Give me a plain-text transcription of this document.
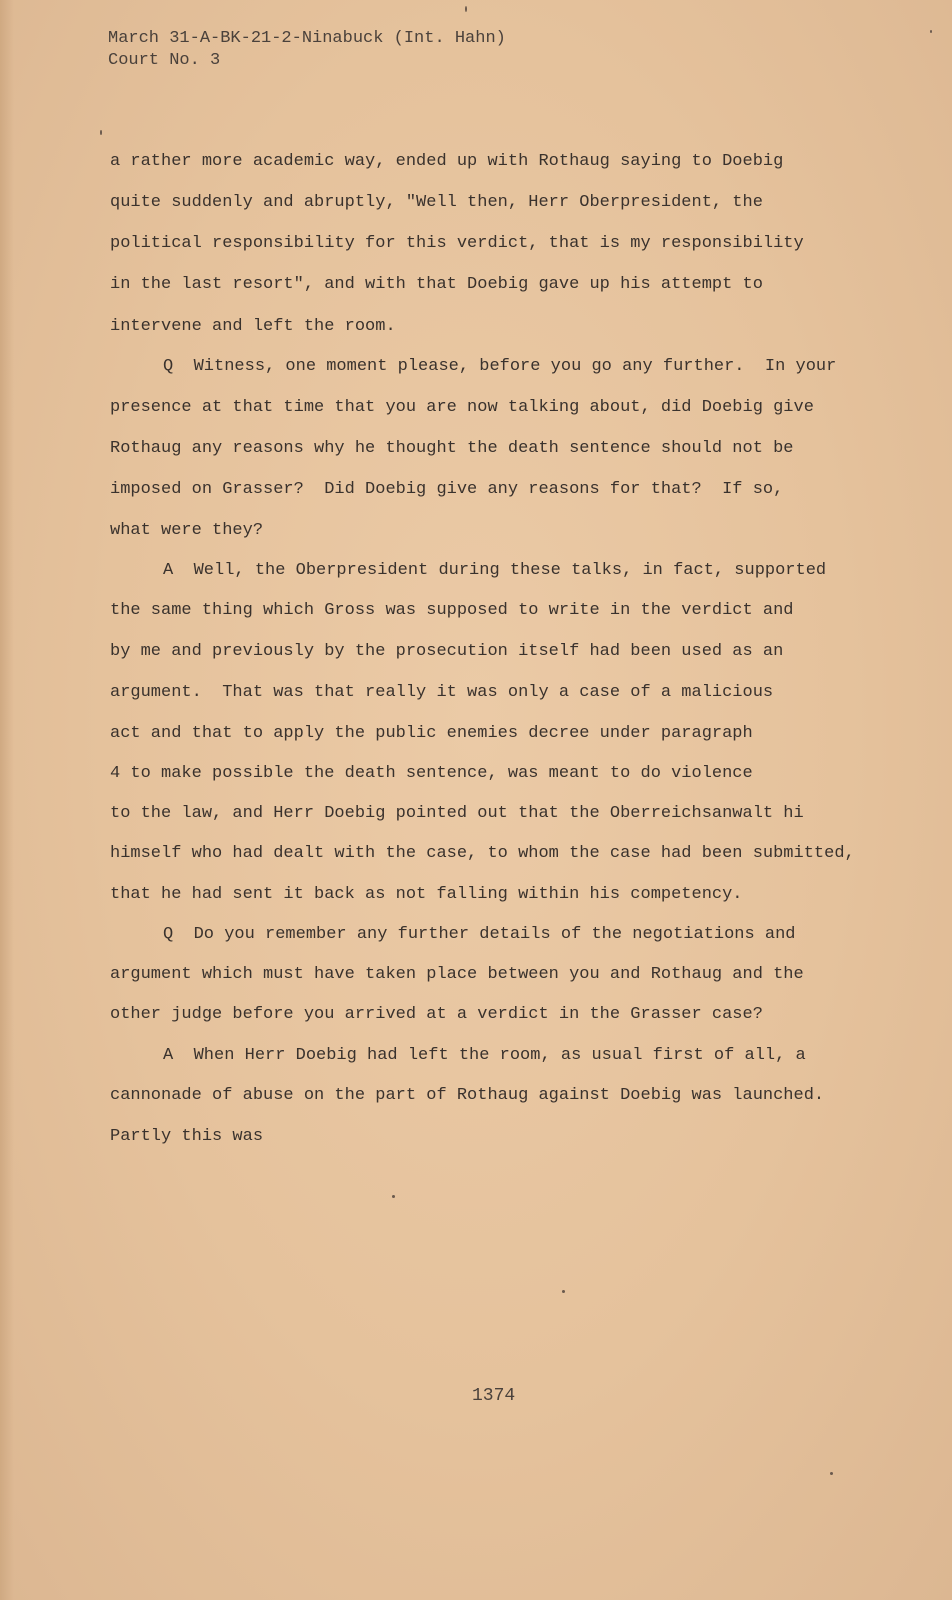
March 31-A-BK-21-2-Ninabuck (Int. Hahn)
Court No. 3
a rather more academic way, ended up with Rothaug saying to Doebig
quite suddenly and abruptly, "Well then, Herr Oberpresident, the
political responsibility for this verdict, that is my responsibility
in the last resort", and with that Doebig gave up his attempt to
intervene and left the room.
Q  Witness, one moment please, before you go any further.  In your
presence at that time that you are now talking about, did Doebig give
Rothaug any reasons why he thought the death sentence should not be
imposed on Grasser?  Did Doebig give any reasons for that?  If so,
what were they?
A  Well, the Oberpresident during these talks, in fact, supported
the same thing which Gross was supposed to write in the verdict and
by me and previously by the prosecution itself had been used as an
argument.  That was that really it was only a case of a malicious
act and that to apply the public enemies decree under paragraph
4 to make possible the death sentence, was meant to do violence
to the law, and Herr Doebig pointed out that the Oberreichsanwalt hi
himself who had dealt with the case, to whom the case had been submitted,
that he had sent it back as not falling within his competency.
Q  Do you remember any further details of the negotiations and
argument which must have taken place between you and Rothaug and the
other judge before you arrived at a verdict in the Grasser case?
A  When Herr Doebig had left the room, as usual first of all, a
cannonade of abuse on the part of Rothaug against Doebig was launched.
Partly this was
1374
